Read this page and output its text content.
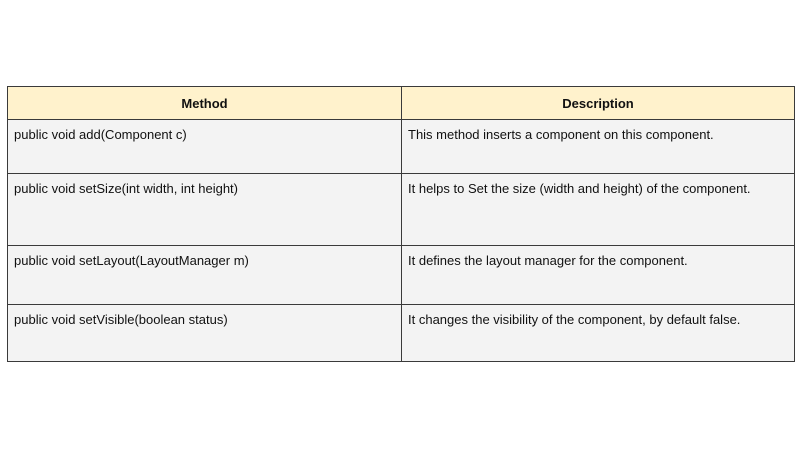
Method	Description
public void add(Component c)	This method inserts a component on this component.
public void setSize(int width, int height)	It helps to Set the size (width and height) of the component.
public void setLayout(LayoutManager m)	It defines the layout manager for the component.
public void setVisible(boolean status)	It changes the visibility of the component, by default false.
